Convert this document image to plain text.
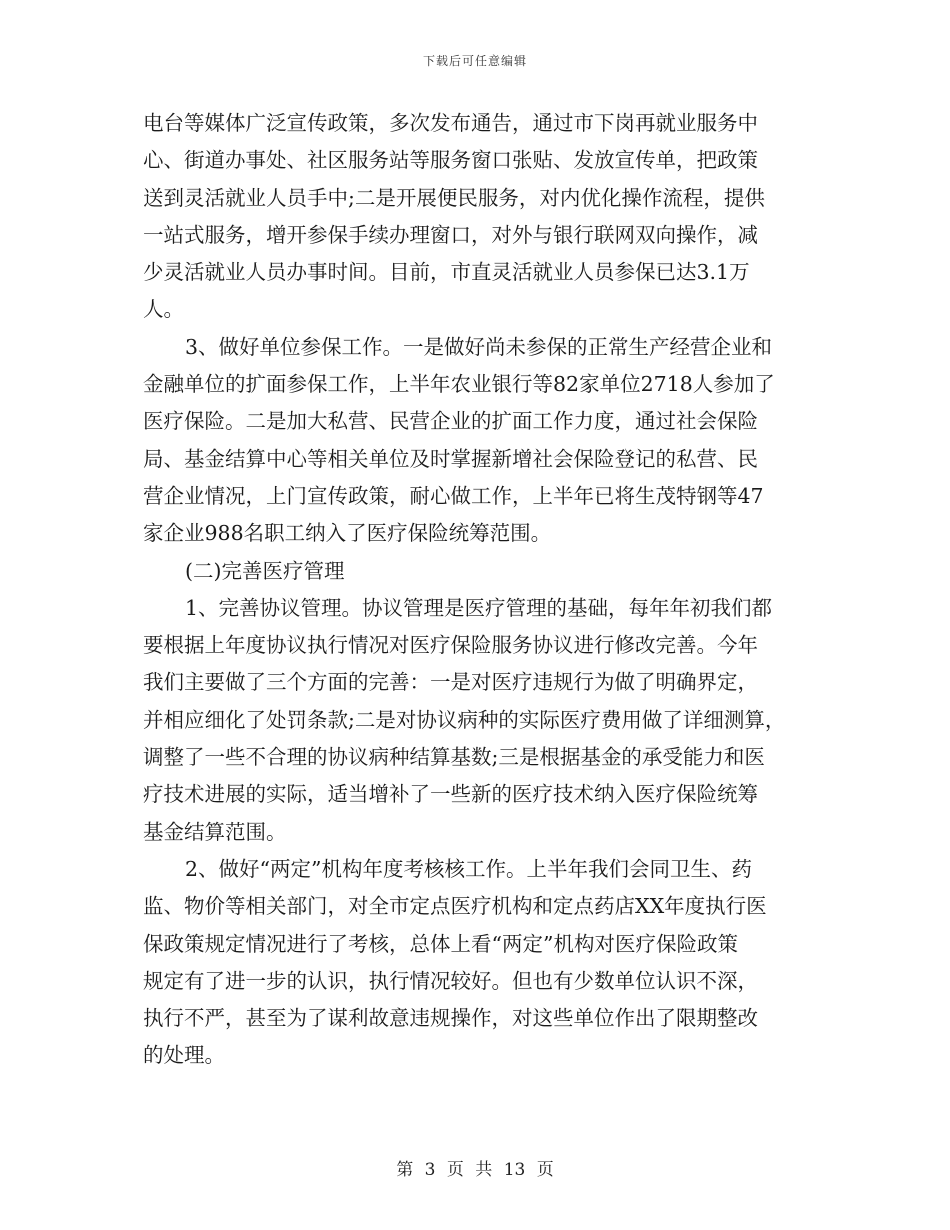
下载后可任意编辑
电台等媒体广泛宣传政策，多次发布通告，通过市下岗再就业服务中
心、街道办事处、社区服务站等服务窗口张贴、发放宣传单，把政策
送到灵活就业人员手中;二是开展便民服务，对内优化操作流程，提供
一站式服务，增开参保手续办理窗口，对外与银行联网双向操作，减
少灵活就业人员办事时间。目前，市直灵活就业人员参保已达3.1万
人。
3、做好单位参保工作。一是做好尚未参保的正常生产经营企业和
金融单位的扩面参保工作，上半年农业银行等82家单位2718人参加了
医疗保险。二是加大私营、民营企业的扩面工作力度，通过社会保险
局、基金结算中心等相关单位及时掌握新增社会保险登记的私营、民
营企业情况，上门宣传政策，耐心做工作，上半年已将生茂特钢等47
家企业988名职工纳入了医疗保险统筹范围。
(二)完善医疗管理
1、完善协议管理。协议管理是医疗管理的基础，每年年初我们都
要根据上年度协议执行情况对医疗保险服务协议进行修改完善。今年
我们主要做了三个方面的完善：一是对医疗违规行为做了明确界定，
并相应细化了处罚条款;二是对协议病种的实际医疗费用做了详细测算，
调整了一些不合理的协议病种结算基数;三是根据基金的承受能力和医
疗技术进展的实际，适当增补了一些新的医疗技术纳入医疗保险统筹
基金结算范围。
2、做好“两定”机构年度考核核工作。上半年我们会同卫生、药
监、物价等相关部门，对全市定点医疗机构和定点药店XX年度执行医
保政策规定情况进行了考核，总体上看“两定”机构对医疗保险政策
规定有了进一步的认识，执行情况较好。但也有少数单位认识不深，
执行不严，甚至为了谋利故意违规操作，对这些单位作出了限期整改
的处理。
第 3 页 共 13 页
